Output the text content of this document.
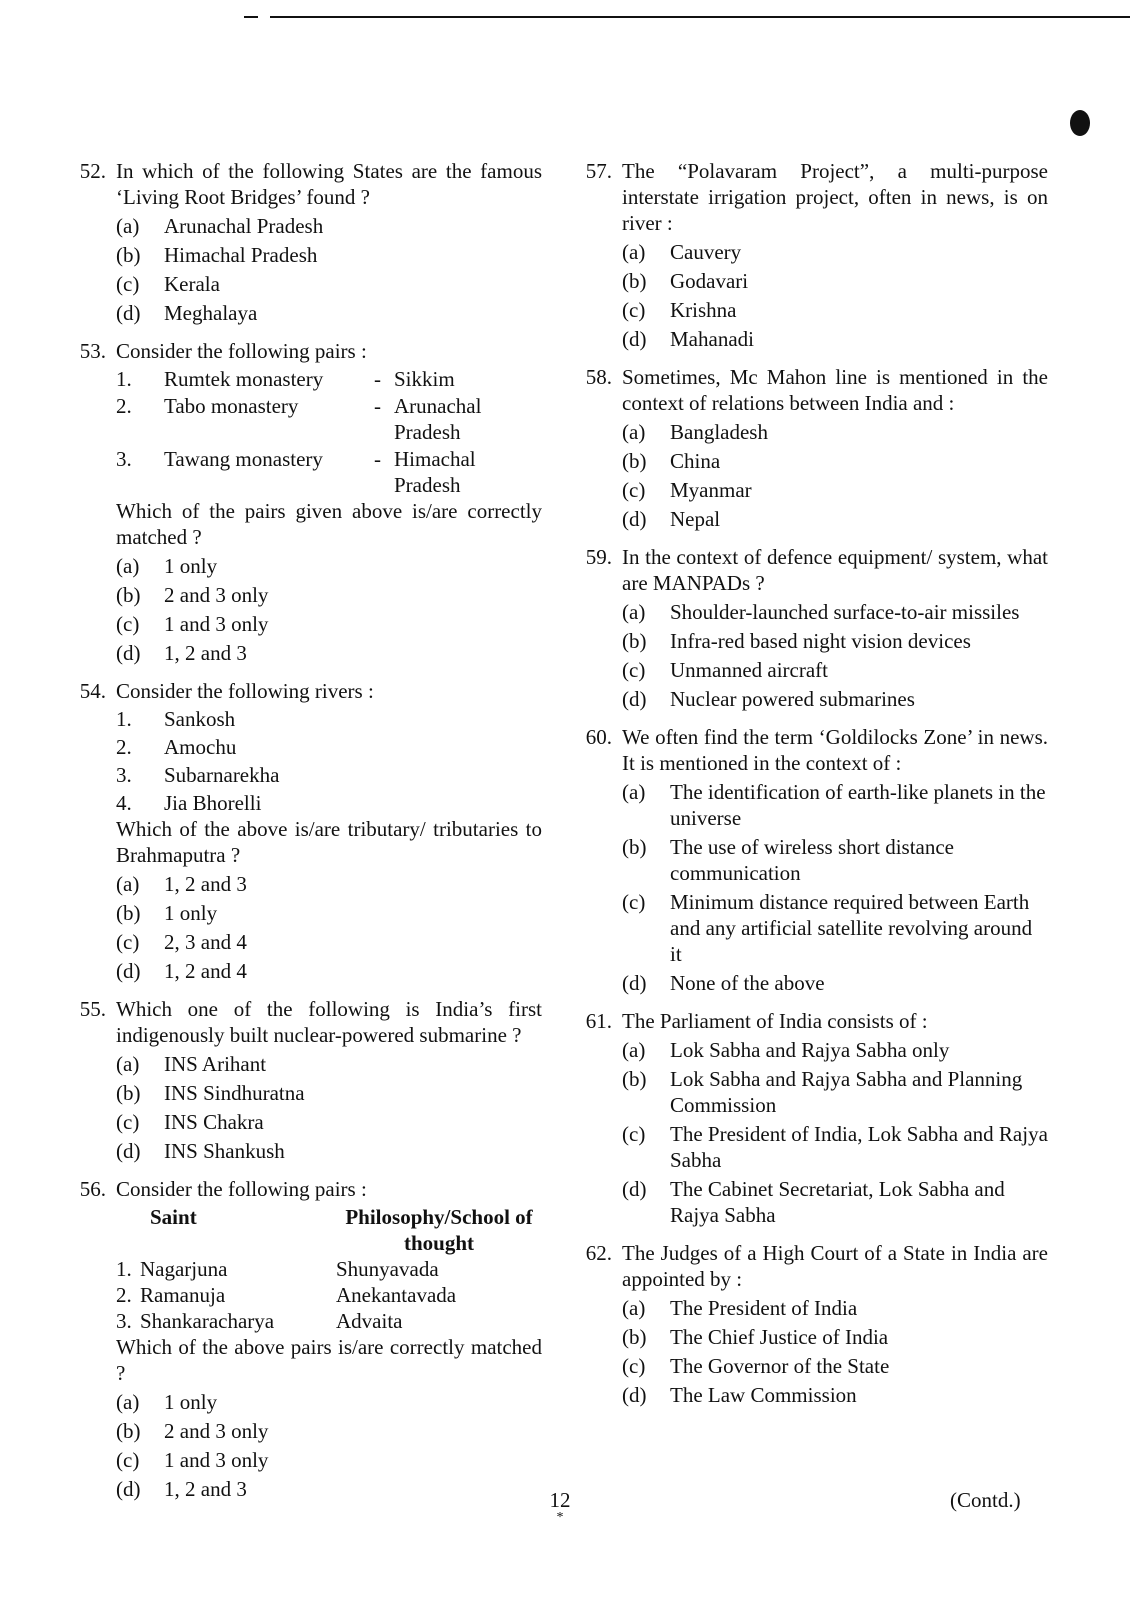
52. In which of the following States are the famous ‘Living Root Bridges’ found ?
(a) Arunachal Pradesh
(b) Himachal Pradesh
(c) Kerala
(d) Meghalaya
53. Consider the following pairs :
1.	Rumtek monastery	- Sikkim
2.	Tabo monastery	- Arunachal Pradesh
3.	Tawang monastery	- Himachal Pradesh
Which of the pairs given above is/are correctly matched ?
(a) 1 only
(b) 2 and 3 only
(c) 1 and 3 only
(d) 1, 2 and 3
54. Consider the following rivers :
1. Sankosh
2. Amochu
3. Subarnarekha
4. Jia Bhorelli
Which of the above is/are tributary/ tributaries to Brahmaputra ?
(a) 1, 2 and 3
(b) 1 only
(c) 2, 3 and 4
(d) 1, 2 and 4
55. Which one of the following is India’s first indigenously built nuclear-powered submarine ?
(a) INS Arihant
(b) INS Sindhuratna
(c) INS Chakra
(d) INS Shankush
56. Consider the following pairs :
Saint	Philosophy/School of thought
1. Nagarjuna	Shunyavada
2. Ramanuja	Anekantavada
3. Shankaracharya	Advaita
Which of the above pairs is/are correctly matched ?
(a) 1 only
(b) 2 and 3 only
(c) 1 and 3 only
(d) 1, 2 and 3
57. The “Polavaram Project”, a multi-purpose interstate irrigation project, often in news, is on river :
(a) Cauvery
(b) Godavari
(c) Krishna
(d) Mahanadi
58. Sometimes, Mc Mahon line is mentioned in the context of relations between India and :
(a) Bangladesh
(b) China
(c) Myanmar
(d) Nepal
59. In the context of defence equipment/ system, what are MANPADs ?
(a) Shoulder-launched surface-to-air missiles
(b) Infra-red based night vision devices
(c) Unmanned aircraft
(d) Nuclear powered submarines
60. We often find the term ‘Goldilocks Zone’ in news. It is mentioned in the context of :
(a) The identification of earth-like planets in the universe
(b) The use of wireless short distance communication
(c) Minimum distance required between Earth and any artificial satellite revolving around it
(d) None of the above
61. The Parliament of India consists of :
(a) Lok Sabha and Rajya Sabha only
(b) Lok Sabha and Rajya Sabha and Planning Commission
(c) The President of India, Lok Sabha and Rajya Sabha
(d) The Cabinet Secretariat, Lok Sabha and Rajya Sabha
62. The Judges of a High Court of a State in India are appointed by :
(a) The President of India
(b) The Chief Justice of India
(c) The Governor of the State
(d) The Law Commission
12
*
(Contd.)
